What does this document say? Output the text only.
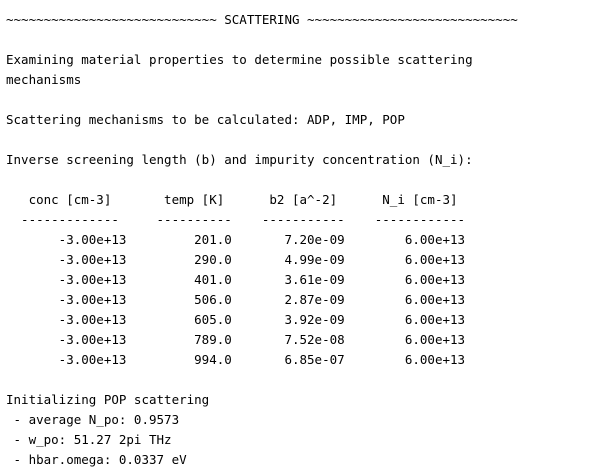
~~~~~~~~~~~~~~~~~~~~~~~~~~~~ SCATTERING ~~~~~~~~~~~~~~~~~~~~~~~~~~~~
Examining material properties to determine possible scattering
mechanisms
Scattering mechanisms to be calculated: ADP, IMP, POP
Inverse screening length (b) and impurity concentration (N_i):
conc [cm-3]       temp [K]      b2 [a^-2]      N_i [cm-3]
-------------     ----------    -----------    ------------
-3.00e+13         201.0       7.20e-09        6.00e+13
-3.00e+13         290.0       4.99e-09        6.00e+13
-3.00e+13         401.0       3.61e-09        6.00e+13
-3.00e+13         506.0       2.87e-09        6.00e+13
-3.00e+13         605.0       3.92e-09        6.00e+13
-3.00e+13         789.0       7.52e-08        6.00e+13
-3.00e+13         994.0       6.85e-07        6.00e+13
Initializing POP scattering
- average N_po: 0.9573
- w_po: 51.27 2pi THz
- hbar.omega: 0.0337 eV
